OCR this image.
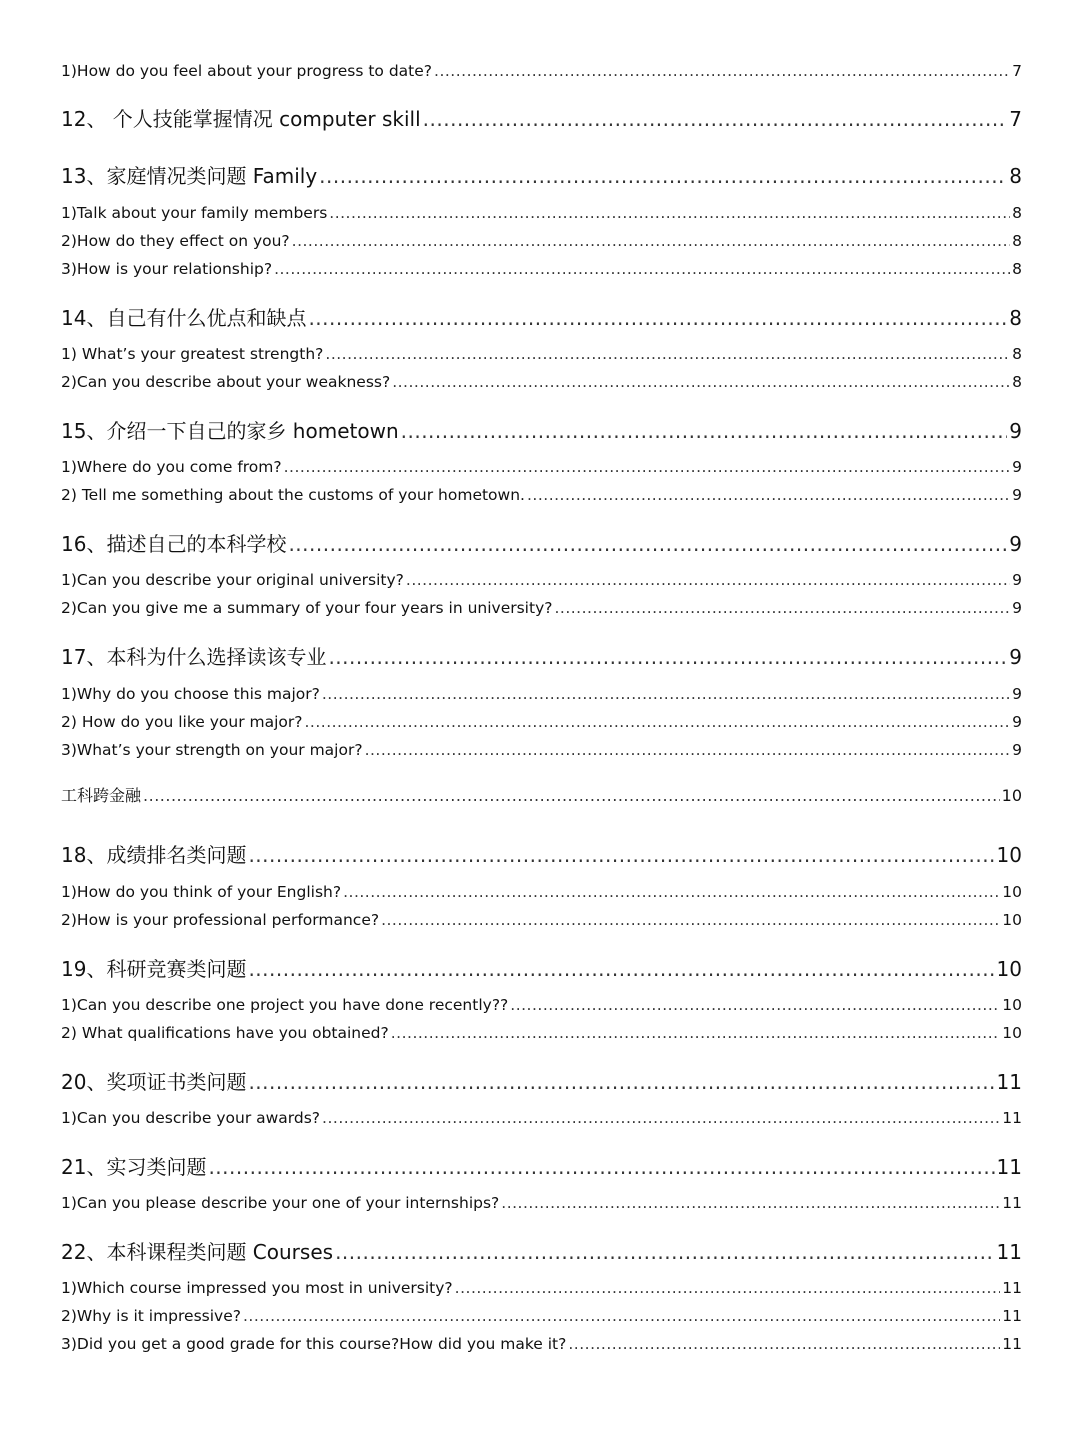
1)How do you feel about your progress to date? .....	7
12、 个人技能掌握情况 computer skill .....	7
13、家庭情况类问题 Family .....	8
1)Talk about your family members .....	8
2)How do they effect on you? .....	8
3)How is your relationship? .....	8
14、自己有什么优点和缺点 .....	8
1) What’s your greatest strength? .....	8
2)Can you describe about your weakness? .....	8
15、介绍一下自己的家乡 hometown .....	9
1)Where do you come from? .....	9
2) Tell me something about the customs of your hometown. .....	9
16、描述自己的本科学校 .....	9
1)Can you describe your original university? .....	9
2)Can you give me a summary of your four years in university? .....	9
17、本科为什么选择读该专业 .....	9
1)Why do you choose this major? .....	9
2) How do you like your major? .....	9
3)What’s your strength on your major? .....	9
工科跨金融 .....	10
18、成绩排名类问题 .....	10
1)How do you think of your English? .....	10
2)How is your professional performance? .....	10
19、科研竞赛类问题 .....	10
1)Can you describe one project you have done recently?? .....	10
2) What qualifications have you obtained? .....	10
20、奖项证书类问题 .....	11
1)Can you describe your awards? .....	11
21、实习类问题 .....	11
1)Can you please describe your one of your internships? .....	11
22、本科课程类问题 Courses .....	11
1)Which course impressed you most in university? .....	11
2)Why is it impressive? .....	11
3)Did you get a good grade for this course?How did you make it? .....	11
